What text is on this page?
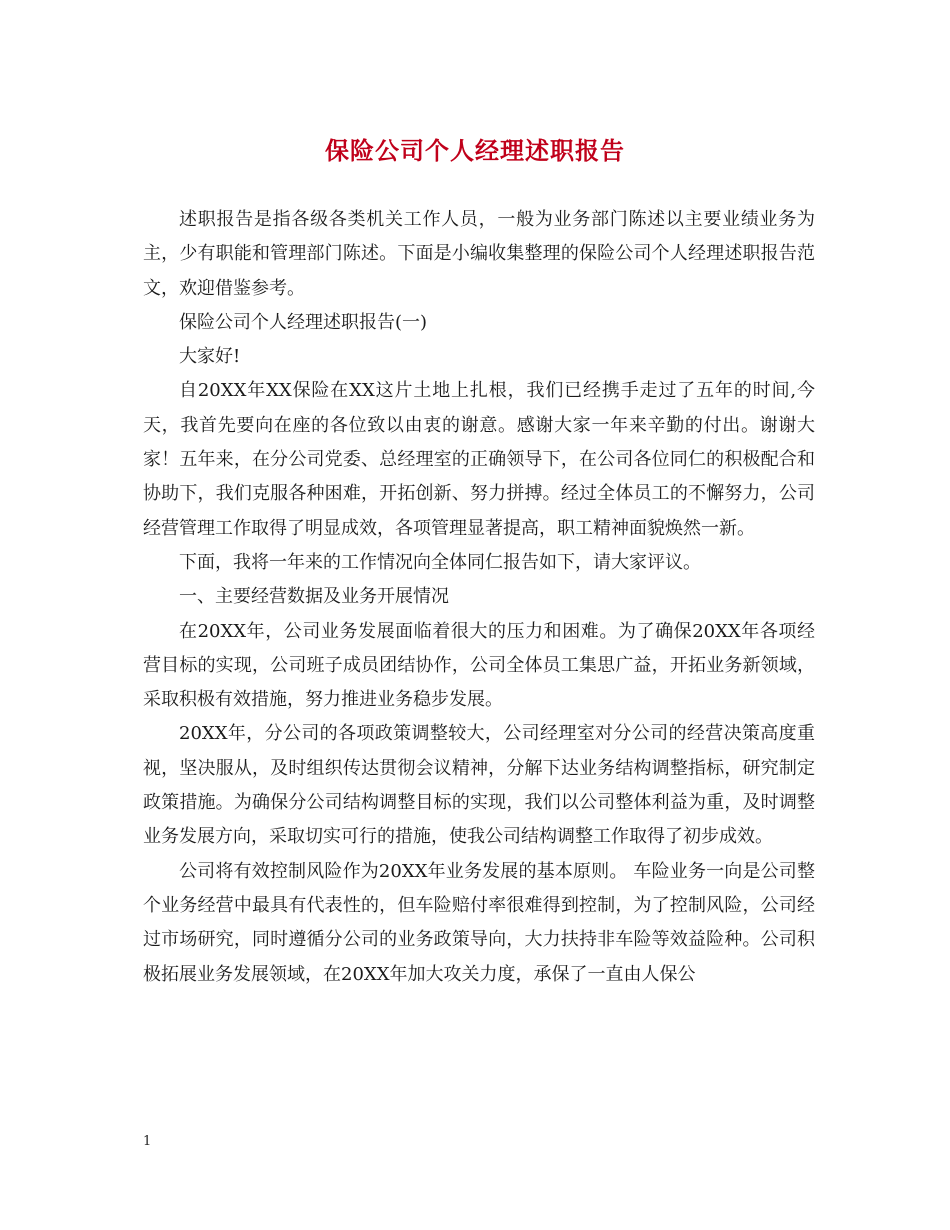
保险公司个人经理述职报告

述职报告是指各级各类机关工作人员，一般为业务部门陈述以主要业绩业务为主，少有职能和管理部门陈述。下面是小编收集整理的保险公司个人经理述职报告范文，欢迎借鉴参考。

保险公司个人经理述职报告(一)

大家好!

自20XX年XX保险在XX这片土地上扎根，我们已经携手走过了五年的时间,今天，我首先要向在座的各位致以由衷的谢意。感谢大家一年来辛勤的付出。谢谢大家！五年来，在分公司党委、总经理室的正确领导下，在公司各位同仁的积极配合和协助下，我们克服各种困难，开拓创新、努力拼搏。经过全体员工的不懈努力，公司经营管理工作取得了明显成效，各项管理显著提高，职工精神面貌焕然一新。

下面，我将一年来的工作情况向全体同仁报告如下，请大家评议。

一、主要经营数据及业务开展情况

在20XX年，公司业务发展面临着很大的压力和困难。为了确保20XX年各项经营目标的实现，公司班子成员团结协作，公司全体员工集思广益，开拓业务新领域，采取积极有效措施，努力推进业务稳步发展。

20XX年，分公司的各项政策调整较大，公司经理室对分公司的经营决策高度重视，坚决服从，及时组织传达贯彻会议精神，分解下达业务结构调整指标，研究制定政策措施。为确保分公司结构调整目标的实现，我们以公司整体利益为重，及时调整业务发展方向，采取切实可行的措施，使我公司结构调整工作取得了初步成效。

公司将有效控制风险作为20XX年业务发展的基本原则。 车险业务一向是公司整个业务经营中最具有代表性的，但车险赔付率很难得到控制，为了控制风险，公司经过市场研究，同时遵循分公司的业务政策导向，大力扶持非车险等效益险种。公司积极拓展业务发展领域，在20XX年加大攻关力度，承保了一直由人保公

1
